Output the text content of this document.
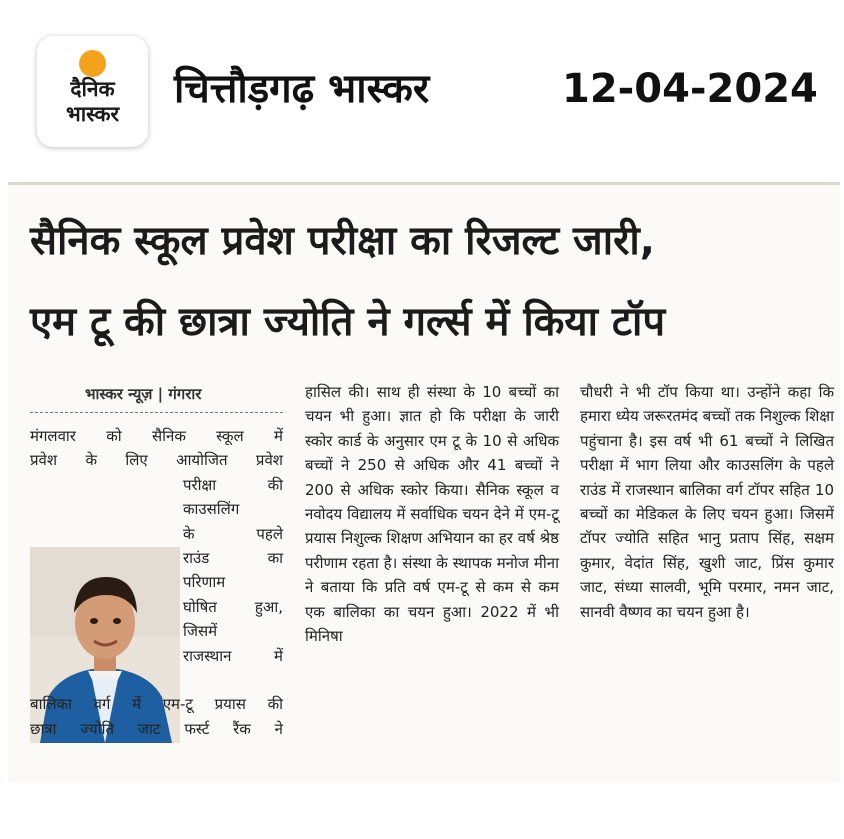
दैनिक
भास्कर
चित्तौड़गढ़ भास्कर	12-04-2024
सैनिक स्कूल प्रवेश परीक्षा का रिजल्ट जारी,
एम टू की छात्रा ज्योति ने गर्ल्स में किया टॉप
भास्कर न्यूज़ | गंगरार
मंगलवार को सैनिक स्कूल में
प्रवेश के लिए आयोजित प्रवेश
परीक्षा की
काउसलिंग
के पहले
राउंड का
परिणाम
घोषित हुआ,
जिसमें
राजस्थान में
बालिका वर्ग में एम-टू प्रयास की
छात्रा ज्योति जाट फर्स्ट रैंक ने

हासिल की। साथ ही संस्था के 10 बच्चों का चयन भी हुआ। ज्ञात हो कि परीक्षा के जारी स्कोर कार्ड के अनुसार एम टू के 10 से अधिक बच्चों ने 250 से अधिक और 41 बच्चों ने 200 से अधिक स्कोर किया। सैनिक स्कूल व नवोदय विद्यालय में सर्वाधिक चयन देने में एम-टू प्रयास निशुल्क शिक्षण अभियान का हर वर्ष श्रेष्ठ परीणाम रहता है। संस्था के स्थापक मनोज मीना ने बताया कि प्रति वर्ष एम-टू से कम से कम एक बालिका का चयन हुआ। 2022 में भी मिनिषा

चौधरी ने भी टॉप किया था। उन्होंने कहा कि हमारा ध्येय जरूरतमंद बच्चों तक निशुल्क शिक्षा पहुंचाना है। इस वर्ष भी 61 बच्चों ने लिखित परीक्षा में भाग लिया और काउसलिंग के पहले राउंड में राजस्थान बालिका वर्ग टॉपर सहित 10 बच्चों का मेडिकल के लिए चयन हुआ। जिसमें टॉपर ज्योति सहित भानु प्रताप सिंह, सक्षम कुमार, वेदांत सिंह, खुशी जाट, प्रिंस कुमार जाट, संध्या सालवी, भूमि परमार, नमन जाट, सानवी वैष्णव का चयन हुआ है।
